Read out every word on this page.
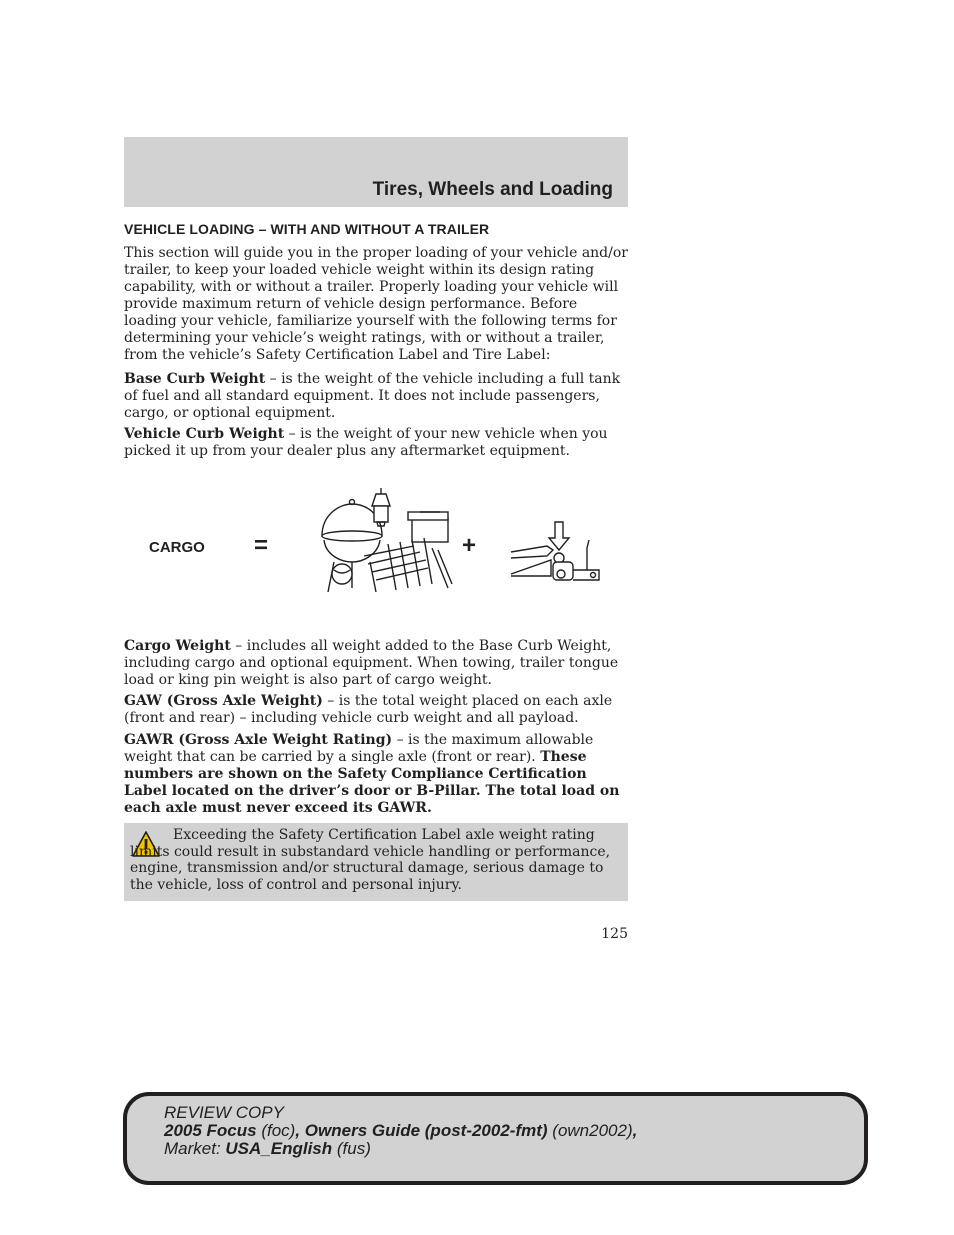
Tires, Wheels and Loading
VEHICLE LOADING – WITH AND WITHOUT A TRAILER

This section will guide you in the proper loading of your vehicle and/or trailer, to keep your loaded vehicle weight within its design rating capability, with or without a trailer. Properly loading your vehicle will provide maximum return of vehicle design performance. Before loading your vehicle, familiarize yourself with the following terms for determining your vehicle’s weight ratings, with or without a trailer, from the vehicle’s Safety Certification Label and Tire Label:

Base Curb Weight – is the weight of the vehicle including a full tank of fuel and all standard equipment. It does not include passengers, cargo, or optional equipment.

Vehicle Curb Weight – is the weight of your new vehicle when you picked it up from your dealer plus any aftermarket equipment.

CARGO =	+

Cargo Weight – includes all weight added to the Base Curb Weight, including cargo and optional equipment. When towing, trailer tongue load or king pin weight is also part of cargo weight.

GAW (Gross Axle Weight) – is the total weight placed on each axle (front and rear) – including vehicle curb weight and all payload.

GAWR (Gross Axle Weight Rating) – is the maximum allowable weight that can be carried by a single axle (front or rear). These numbers are shown on the Safety Compliance Certification Label located on the driver’s door or B-Pillar. The total load on each axle must never exceed its GAWR.

Exceeding the Safety Certification Label axle weight rating limits could result in substandard vehicle handling or performance, engine, transmission and/or structural damage, serious damage to the vehicle, loss of control and personal injury.

125
REVIEW COPY
2005 Focus (foc), Owners Guide (post-2002-fmt) (own2002),
Market: USA_English (fus)
